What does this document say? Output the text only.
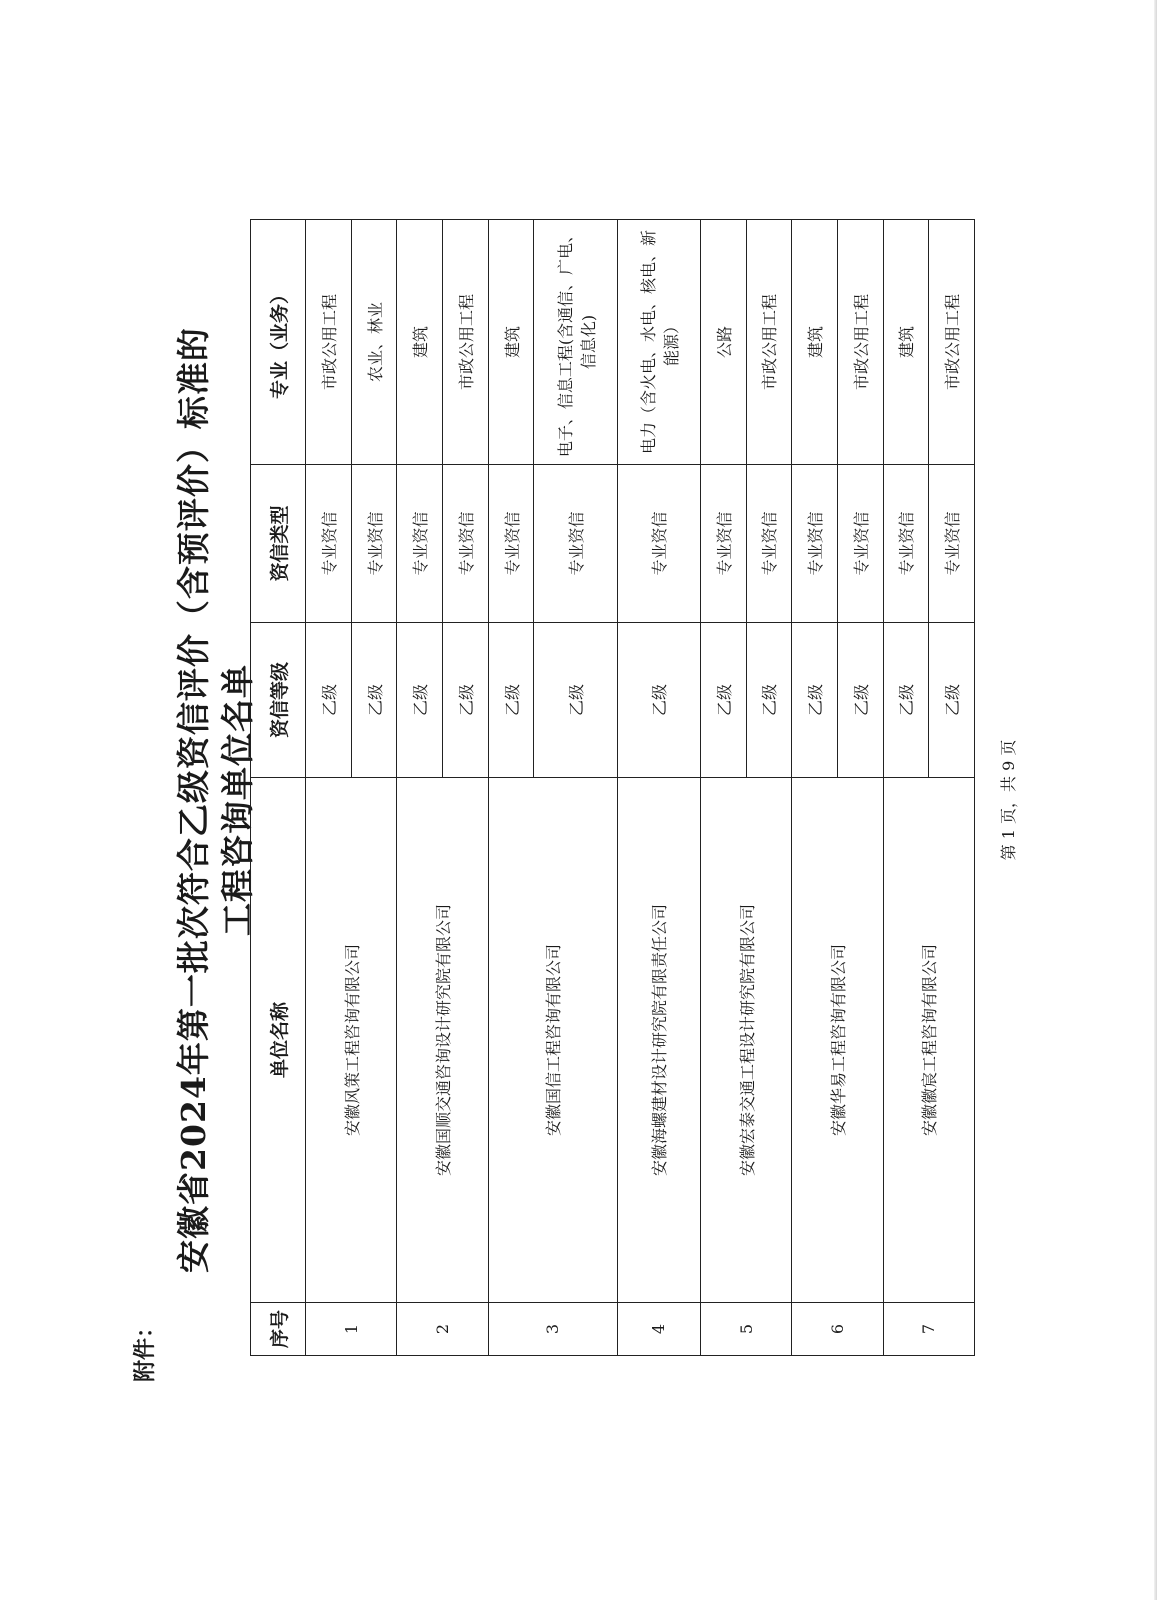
附件：
安徽省2024年第一批次符合乙级资信评价（含预评价）标准的 工程咨询单位名单
序号	单位名称	资信等级	资信类型	专业（业务）
1	安徽风策工程咨询有限公司	乙级	专业资信	市政公用工程
		乙级	专业资信	农业、林业
2	安徽国顺交通咨询设计研究院有限公司	乙级	专业资信	建筑
		乙级	专业资信	市政公用工程
3	安徽国信工程咨询有限公司	乙级	专业资信	建筑
		乙级	专业资信	电子、信息工程(含通信、广电、信息化)
4	安徽海螺建材设计研究院有限责任公司	乙级	专业资信	电力（含火电、水电、核电、新能源）
5	安徽宏泰交通工程设计研究院有限公司	乙级	专业资信	公路
		乙级	专业资信	市政公用工程
6	安徽华易工程咨询有限公司	乙级	专业资信	建筑
		乙级	专业资信	市政公用工程
7	安徽徽宸工程咨询有限公司	乙级	专业资信	建筑
		乙级	专业资信	市政公用工程
第 1 页，共 9 页
